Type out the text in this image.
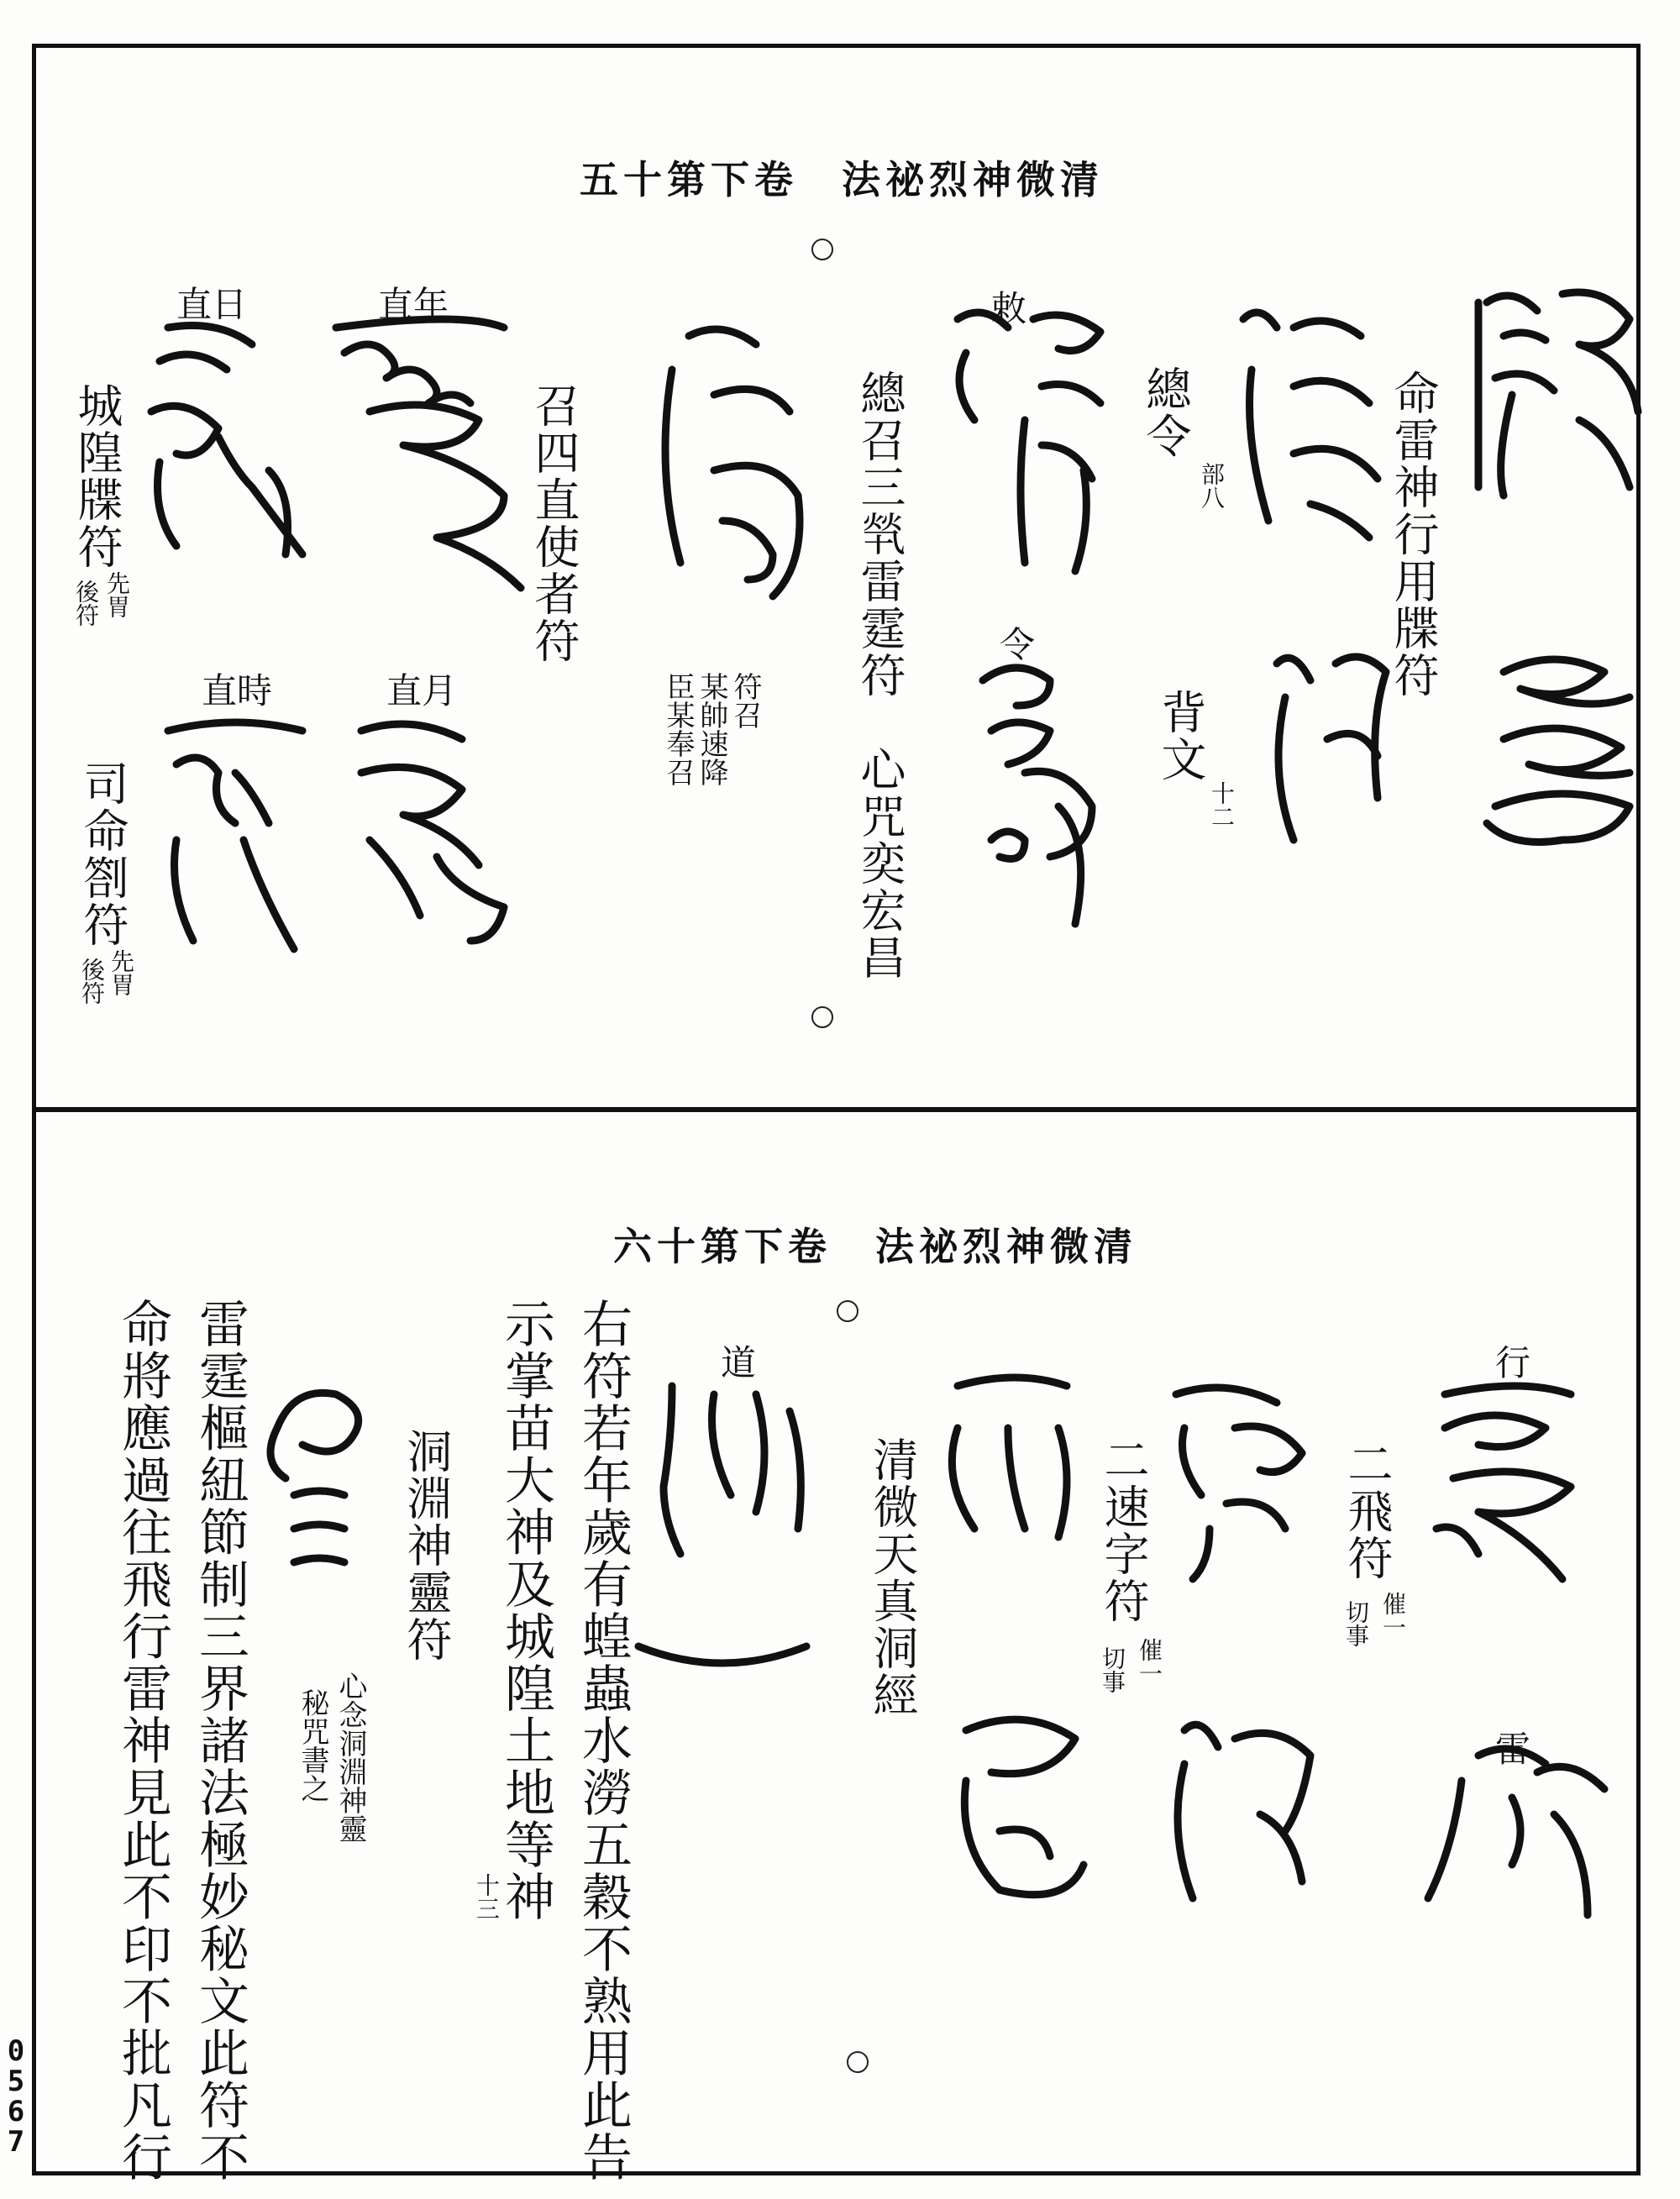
五十第下卷　法祕烈神微清
命雷神行用牒符
總令
部八
背文
十二
敕
令
總召三㷀雷霆符　心咒奕宏昌
符召
某帥速降
臣某奉召
召四直使者符
直年
直月
直日
直時
城隍牒符
先胃
後符
司命劄符
先胃
後符
六十第下卷　法祕烈神微清
行
雷
二飛符
催一
切事
二速字符
催一
切事
清微天真洞經
道
右符若年歲有蝗蟲水澇五穀不熟用此告
示掌苗大神及城隍土地等神
十三
洞淵神靈符
心念洞淵神靈
秘咒書之
雷霆樞紐節制三界諸法極妙秘文此符不
命將應過往飛行雷神見此不印不批凡行
0567
